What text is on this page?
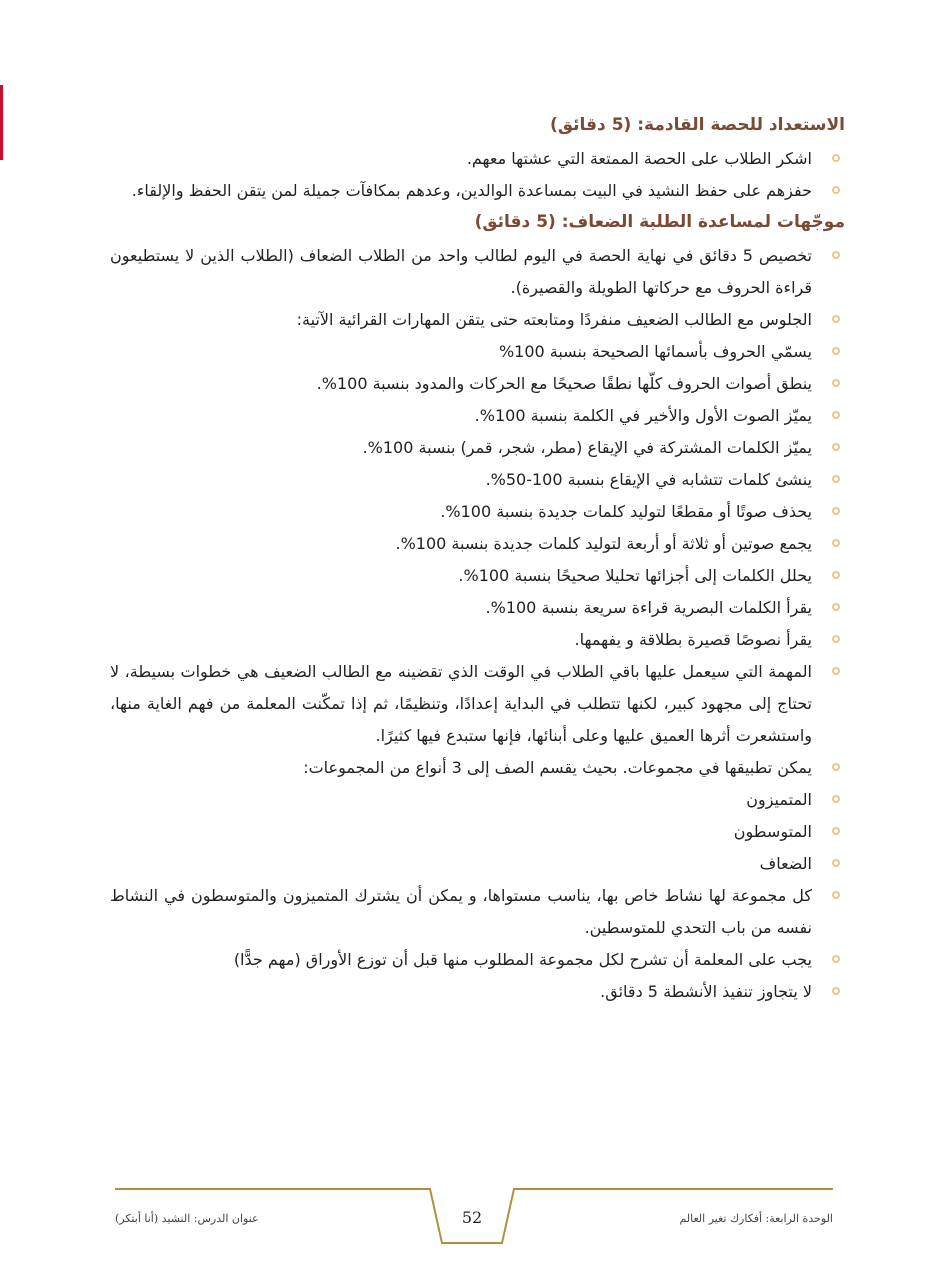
الاستعداد للحصة القادمة: (5 دقائق)
اشكر الطلاب على الحصة الممتعة التي عشتها معهم.
حفزهم على حفظ النشيد في البيت بمساعدة الوالدين، وعدهم بمكافآت جميلة لمن يتقن الحفظ والإلقاء.
موجّهات لمساعدة الطلبة الضعاف: (5 دقائق)
تخصيص 5 دقائق في نهاية الحصة في اليوم لطالب واحد من الطلاب الضعاف (الطلاب الذين لا يستطيعون قراءة الحروف مع حركاتها الطويلة والقصيرة).
الجلوس مع الطالب الضعيف منفردًا ومتابعته حتى يتقن المهارات القرائية الآتية:
يسمّي الحروف بأسمائها الصحيحة بنسبة 100%
ينطق أصوات الحروف كلّها نطقًا صحيحًا مع الحركات والمدود بنسبة 100%.
يميّز الصوت الأول والأخير في الكلمة بنسبة 100%.
يميّز الكلمات المشتركة في الإيقاع (مطر، شجر، قمر) بنسبة 100%.
ينشئ كلمات تتشابه في الإيقاع بنسبة 100-50%.
يحذف صوتًا أو مقطعًا لتوليد كلمات جديدة بنسبة 100%.
يجمع صوتين أو ثلاثة أو أربعة لتوليد كلمات جديدة بنسبة 100%.
يحلل الكلمات إلى أجزائها تحليلا صحيحًا بنسبة 100%.
يقرأ الكلمات البصرية قراءة سريعة بنسبة 100%.
يقرأ نصوصًا قصيرة بطلاقة و يفهمها.
المهمة التي سيعمل عليها باقي الطلاب في الوقت الذي تقضينه مع الطالب الضعيف هي خطوات بسيطة، لا تحتاج إلى مجهود كبير، لكنها تتطلب في البداية إعدادًا، وتنظيمًا، ثم إذا تمكّنت المعلمة من فهم الغاية منها، واستشعرت أثرها العميق عليها وعلى أبنائها، فإنها ستبدع فيها كثيرًا.
يمكن تطبيقها في مجموعات. بحيث يقسم الصف إلى 3 أنواع من المجموعات:
المتميزون
المتوسطون
الضعاف
كل مجموعة لها نشاط خاص بها، يناسب مستواها، و يمكن أن يشترك المتميزون والمتوسطون في النشاط نفسه من باب التحدي للمتوسطين.
يجب على المعلمة أن تشرح لكل مجموعة المطلوب منها قبل أن توزع الأوراق (مهم جدًّا)
لا يتجاوز تنفيذ الأنشطة 5 دقائق.
الوحدة الرابعة: أفكارك تغير العالم
52
عنوان الدرس: النشيد (أنا أبتكر)
